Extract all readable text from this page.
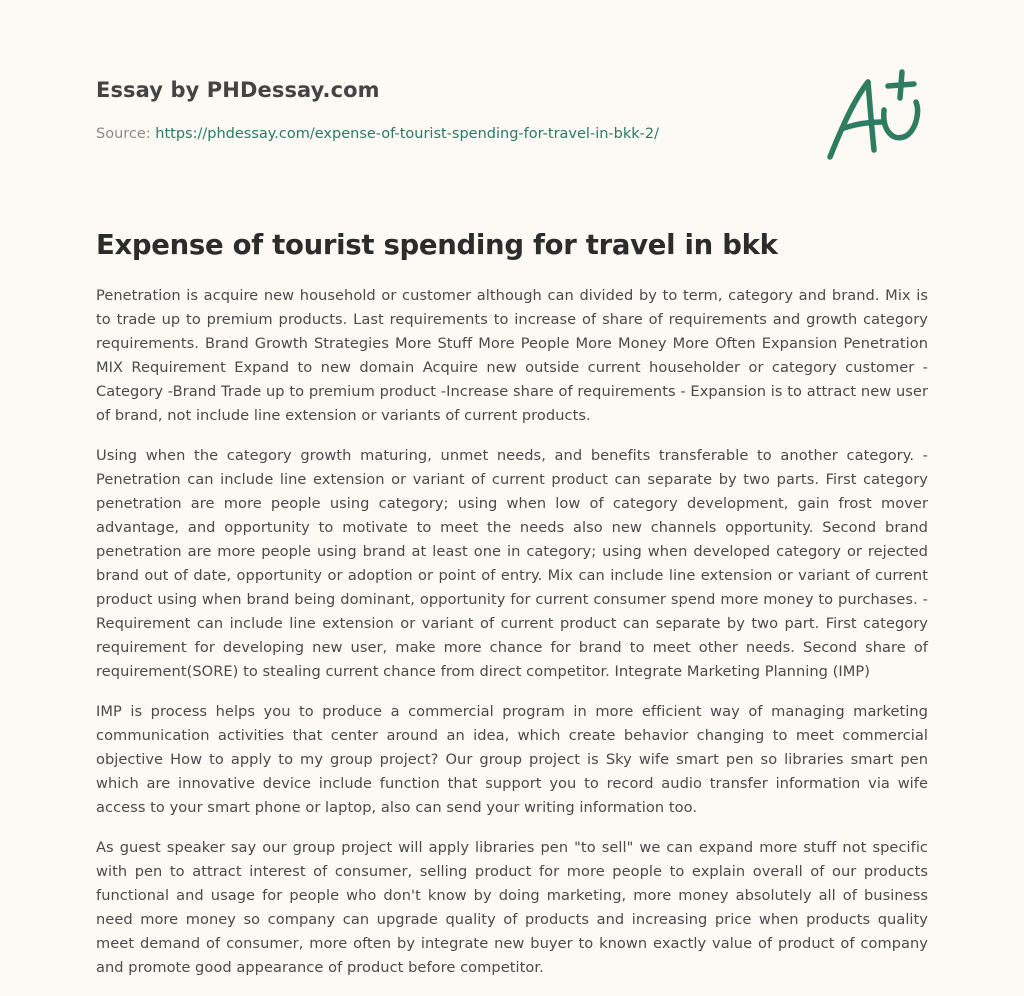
Essay by PHDessay.com
Source: https://phdessay.com/expense-of-tourist-spending-for-travel-in-bkk-2/
Expense of tourist spending for travel in bkk

Penetration is acquire new household or customer although can divided by to term, category and brand. Mix is to trade up to premium products. Last requirements to increase of share of requirements and growth category requirements. Brand Growth Strategies More Stuff More People More Money More Often Expansion Penetration MIX Requirement Expand to new domain Acquire new outside current householder or category customer -Category -Brand Trade up to premium product -Increase share of requirements - Expansion is to attract new user of brand, not include line extension or variants of current products.

Using when the category growth maturing, unmet needs, and benefits transferable to another category. -Penetration can include line extension or variant of current product can separate by two parts. First category penetration are more people using category; using when low of category development, gain frost mover advantage, and opportunity to motivate to meet the needs also new channels opportunity. Second brand penetration are more people using brand at least one in category; using when developed category or rejected brand out of date, opportunity or adoption or point of entry. Mix can include line extension or variant of current product using when brand being dominant, opportunity for current consumer spend more money to purchases. -Requirement can include line extension or variant of current product can separate by two part. First category requirement for developing new user, make more chance for brand to meet other needs. Second share of requirement(SORE) to stealing current chance from direct competitor. Integrate Marketing Planning (IMP)

IMP is process helps you to produce a commercial program in more efficient way of managing marketing communication activities that center around an idea, which create behavior changing to meet commercial objective How to apply to my group project? Our group project is Sky wife smart pen so libraries smart pen which are innovative device include function that support you to record audio transfer information via wife access to your smart phone or laptop, also can send your writing information too.

As guest speaker say our group project will apply libraries pen "to sell" we can expand more stuff not specific with pen to attract interest of consumer, selling product for more people to explain overall of our products functional and usage for people who don't know by doing marketing, more money absolutely all of business need more money so company can upgrade quality of products and increasing price when products quality meet demand of consumer, more often by integrate new buyer to known exactly value of product of company and promote good appearance of product before competitor.
